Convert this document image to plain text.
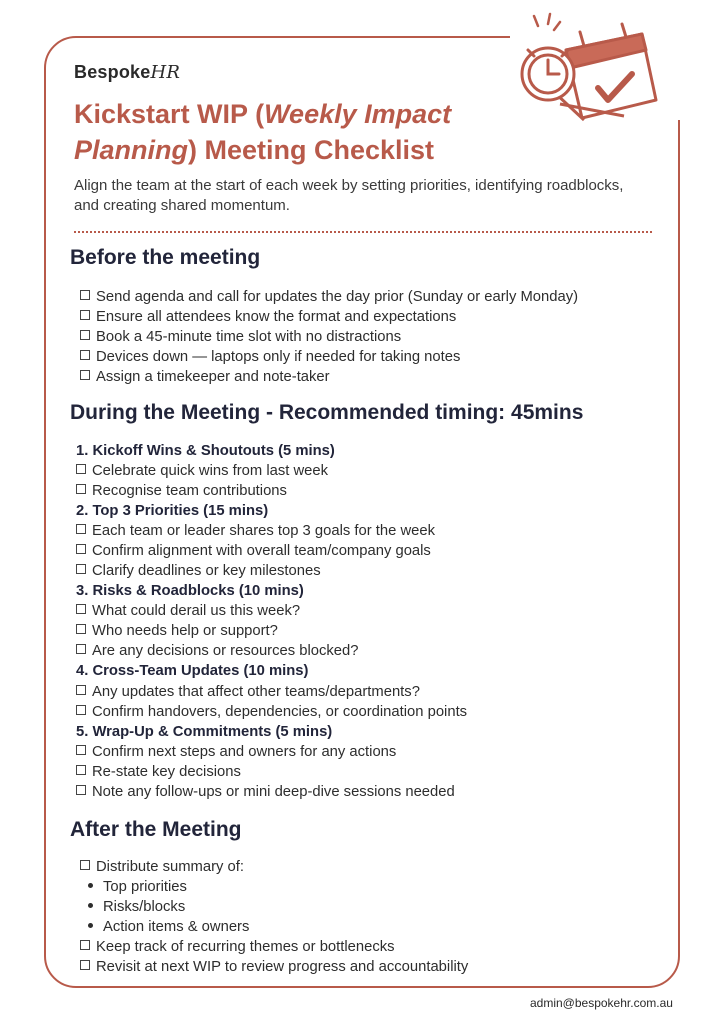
BespokeHR
Kickstart WIP (Weekly Impact Planning) Meeting Checklist
Align the team at the start of each week by setting priorities, identifying roadblocks, and creating shared momentum.
Before the meeting
Send agenda and call for updates the day prior (Sunday or early Monday)
Ensure all attendees know the format and expectations
Book a 45-minute time slot with no distractions
Devices down — laptops only if needed for taking notes
Assign a timekeeper and note-taker
During the Meeting - Recommended timing: 45mins
1. Kickoff Wins & Shoutouts (5 mins)
Celebrate quick wins from last week
Recognise team contributions
2. Top 3 Priorities (15 mins)
Each team or leader shares top 3 goals for the week
Confirm alignment with overall team/company goals
Clarify deadlines or key milestones
3. Risks & Roadblocks (10 mins)
What could derail us this week?
Who needs help or support?
Are any decisions or resources blocked?
4. Cross-Team Updates (10 mins)
Any updates that affect other teams/departments?
Confirm handovers, dependencies, or coordination points
5. Wrap-Up & Commitments (5 mins)
Confirm next steps and owners for any actions
Re-state key decisions
Note any follow-ups or mini deep-dive sessions needed
After the Meeting
Distribute summary of:
Top priorities
Risks/blocks
Action items & owners
Keep track of recurring themes or bottlenecks
Revisit at next WIP to review progress and accountability
admin@bespokehr.com.au
